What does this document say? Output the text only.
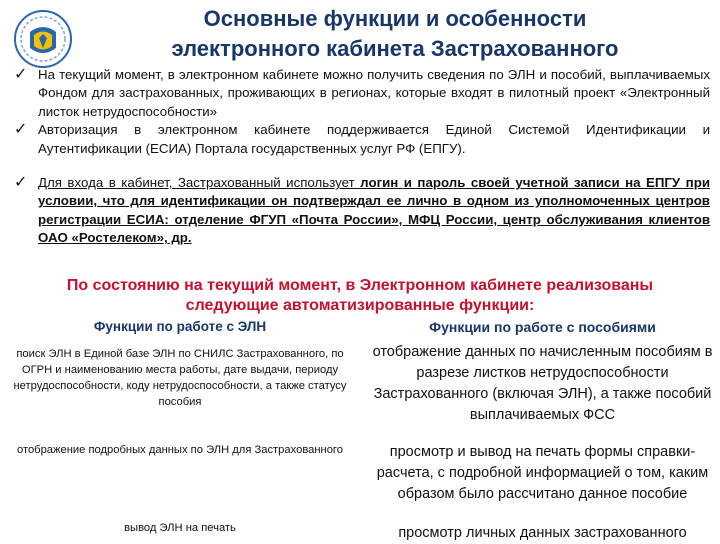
Основные функции и особенности
электронного кабинета Застрахованного
✓ На текущий момент, в электронном кабинете можно получить сведения по ЭЛН и пособий, выплачиваемых Фондом для застрахованных, проживающих в регионах, которые входят в пилотный проект «Электронный листок нетрудоспособности»

✓ Авторизация в электронном кабинете поддерживается Единой Системой Идентификации и Аутентификации (ЕСИА) Портала государственных услуг РФ (ЕПГУ).

✓ Для входа в кабинет, Застрахованный использует логин и пароль своей учетной записи на ЕПГУ при условии, что для идентификации он подтверждал ее лично в одном из уполномоченных центров регистрации ЕСИА: отделение ФГУП «Почта России», МФЦ России, центр обслуживания клиентов ОАО «Ростелеком», др.

По состоянию на текущий момент, в Электронном кабинете реализованы
следующие автоматизированные функции:

Функции по работе с ЭЛН

поиск ЭЛН в Единой базе ЭЛН по СНИЛС Застрахованного, по ОГРН и наименованию места работы, дате выдачи, периоду нетрудоспособности, коду нетрудоспособности, а также статусу пособия

отображение подробных данных по ЭЛН для Застрахованного

вывод ЭЛН на печать

Функции по работе с пособиями

отображение данных по начисленным пособиям в разрезе листков нетрудоспособности Застрахованного (включая ЭЛН), а также пособий выплачиваемых ФСС

просмотр и вывод на печать формы справки-расчета, с подробной информацией о том, каким образом было рассчитано данное пособие

просмотр личных данных застрахованного
